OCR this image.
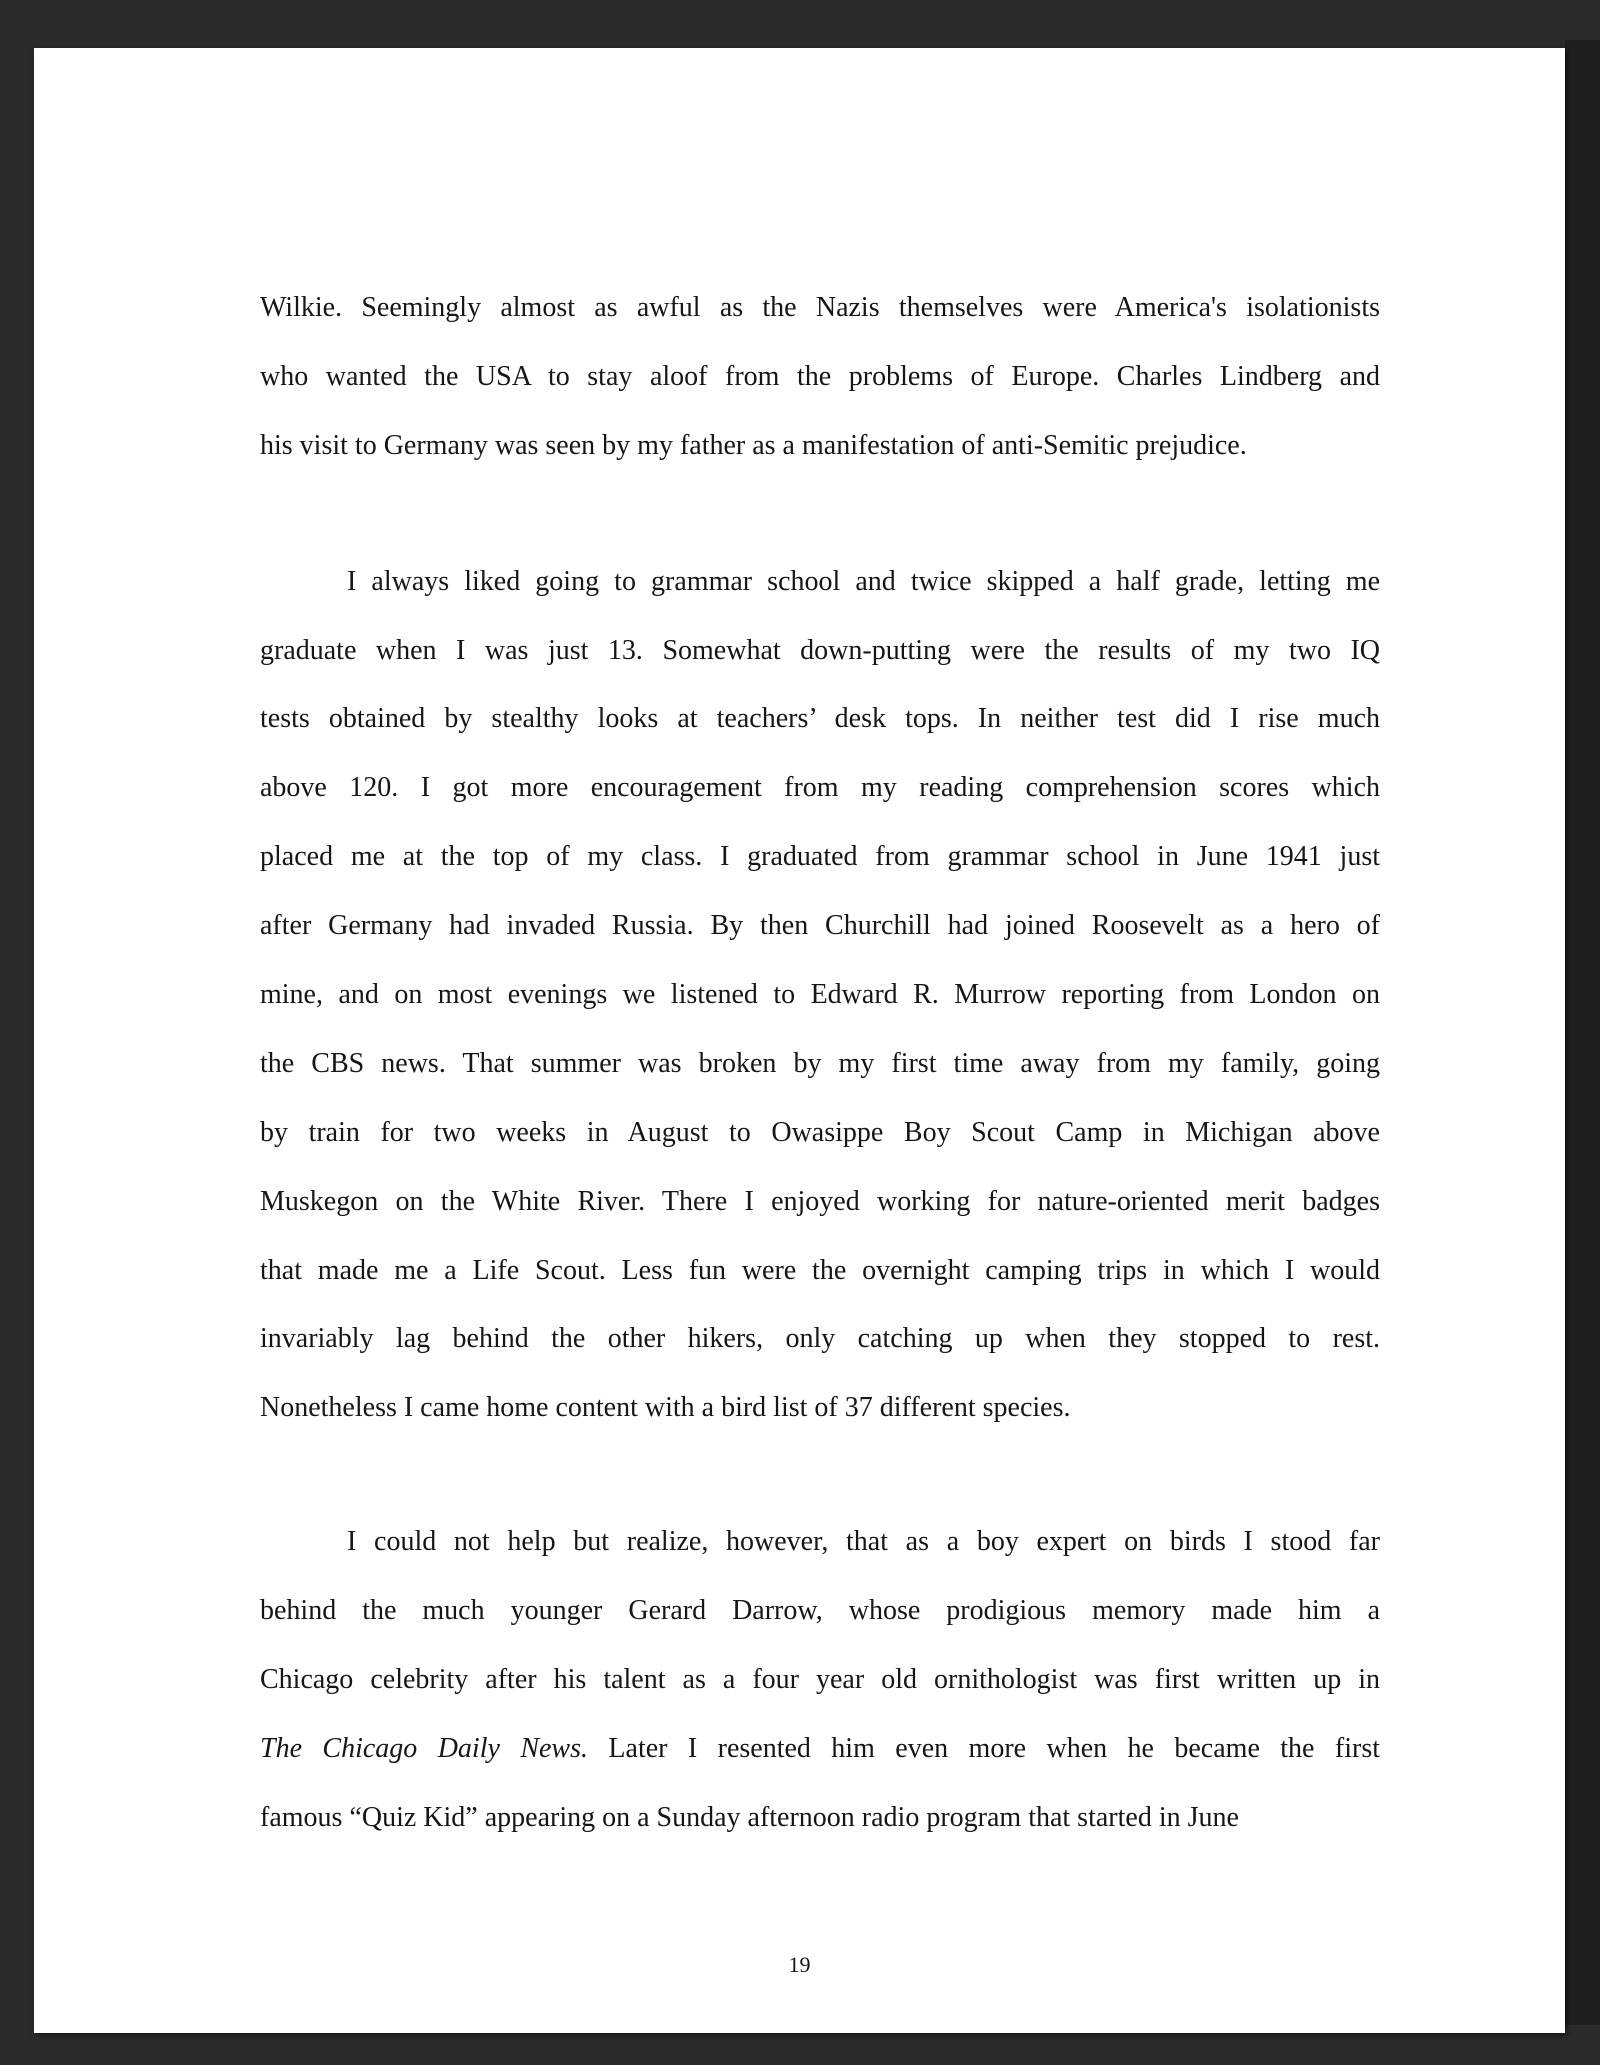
Wilkie. Seemingly almost as awful as the Nazis themselves were America's isolationists
who wanted the USA to stay aloof from the problems of Europe. Charles Lindberg and
his visit to Germany was seen by my father as a manifestation of anti-Semitic prejudice.
I always liked going to grammar school and twice skipped a half grade, letting me
graduate when I was just 13. Somewhat down-putting were the results of my two IQ
tests obtained by stealthy looks at teachers’ desk tops. In neither test did I rise much
above 120. I got more encouragement from my reading comprehension scores which
placed me at the top of my class. I graduated from grammar school in June 1941 just
after Germany had invaded Russia. By then Churchill had joined Roosevelt as a hero of
mine, and on most evenings we listened to Edward R. Murrow reporting from London on
the CBS news. That summer was broken by my first time away from my family, going
by train for two weeks in August to Owasippe Boy Scout Camp in Michigan above
Muskegon on the White River. There I enjoyed working for nature-oriented merit badges
that made me a Life Scout. Less fun were the overnight camping trips in which I would
invariably lag behind the other hikers, only catching up when they stopped to rest.
Nonetheless I came home content with a bird list of 37 different species.
I could not help but realize, however, that as a boy expert on birds I stood far
behind the much younger Gerard Darrow, whose prodigious memory made him a
Chicago celebrity after his talent as a four year old ornithologist was first written up in
The Chicago Daily News. Later I resented him even more when he became the first
famous “Quiz Kid” appearing on a Sunday afternoon radio program that started in June
19
